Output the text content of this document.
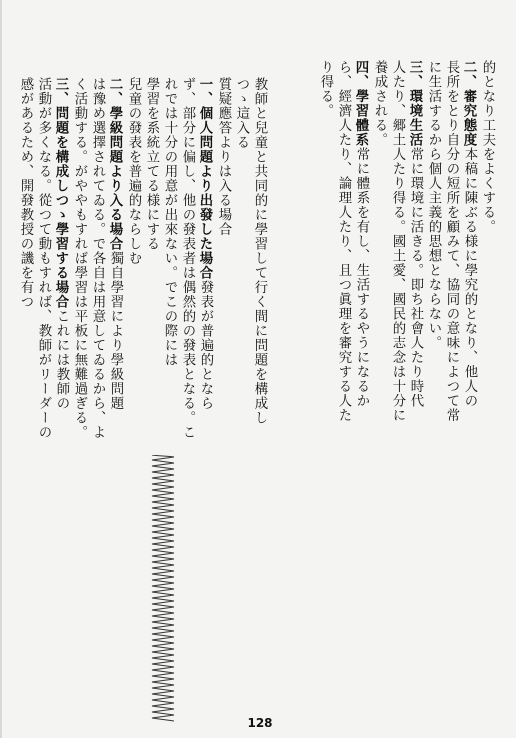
的となり工夫をよくする。
二、審究態度本稿に陳ぶる様に學究的となり、他人の
長所をとり自分の短所を顧みて、協同の意味によつて常
に生活するから個人主義的思想とならない。
三、環境生活常に環境に活きる。即ち社會人たり時代
人たり、郷土人たり得る。國土愛、國民的志念は十分に
養成される。
四、學習體系常に體系を有し、生活するやうになるか
ら、經濟人たり、論理人たり、且つ眞理を審究する人た
り得る。
教師と兒童と共同的に學習して行く間に問題を構成し
つゝ這入る
質疑應答よりは入る場合
一、個人問題より出發した場合發表が普遍的となら
ず、部分に偏し、他の發表者は偶然的の發表となる。こ
れでは十分の用意が出來ない。でこの際には
學習を系統立てる様にする
兒童の發表を普遍的ならしむ
二、學級問題より入る場合獨自學習により學級問題
は豫め選擇されてゐる。で各自は用意してゐるから、よ
く活動する。がややもすれば學習は平板に無難過ぎる。
三、問題を構成しつゝ學習する場合これには教師の
活動が多くなる。從つて動もすれば、教師がリーダーの
感があるため、開發教授の譏を有つ
128
